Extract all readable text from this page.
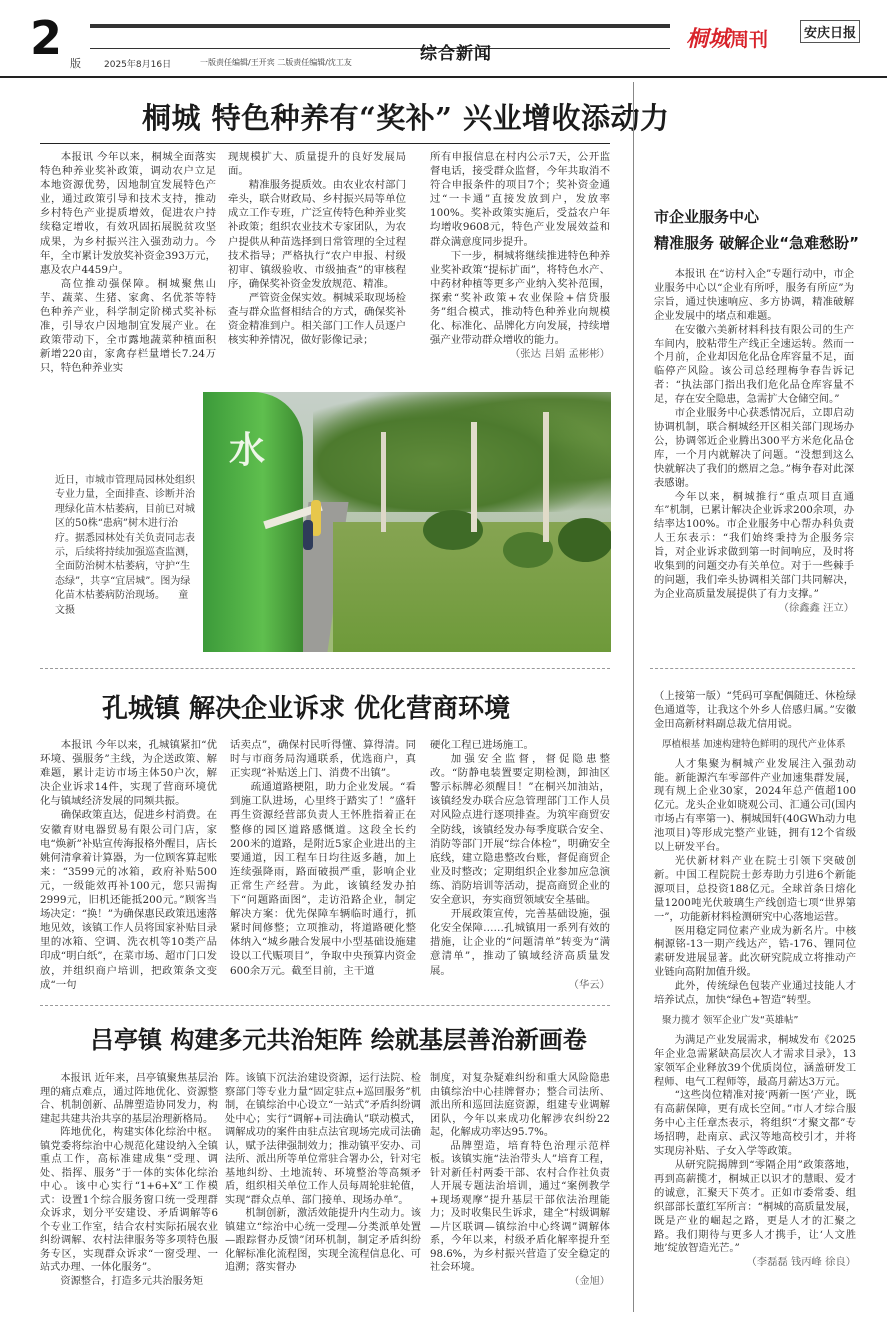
2 版	2025年8月16日	一版责任编辑/王开宾 二版责任编辑/沈工友	综合新闻
桐城周刊	安庆日报
桐城 特色种养有“奖补” 兴业增收添动力

本报讯 今年以来，桐城全面落实特色种养业奖补政策，调动农户立足本地资源优势，因地制宜发展特色产业，通过政策引导和技术支持，推动乡村特色产业提质增效，促进农户持续稳定增收，有效巩固拓展脱贫攻坚成果，为乡村振兴注入强劲动力。今年，全市累计发放奖补资金393万元，惠及农户4459户。

高位推动强保障。桐城聚焦山芋、蔬菜、生猪、家禽、名优茶等特色种养产业，科学制定阶梯式奖补标准，引导农户因地制宜发展产业。在政策带动下，全市露地蔬菜种植面积新增220亩，家禽存栏量增长7.24万只，特色种养业实

现规模扩大、质量提升的良好发展局面。

精准服务提质效。由农业农村部门牵头，联合财政局、乡村振兴局等单位成立工作专班，广泛宣传特色种养业奖补政策；组织农业技术专家团队，为农户提供从种苗选择到日常管理的全过程技术指导；严格执行“农户申报、村级初审、镇级验收、市级抽查”的审核程序，确保奖补资金发放规范、精准。

严管资金保实效。桐城采取现场检查与群众监督相结合的方式，确保奖补资金精准到户。相关部门工作人员逐户核实种养情况，做好影像记录；

所有申报信息在村内公示7天，公开监督电话，接受群众监督，今年共取消不符合申报条件的项目7个；奖补资金通过“一卡通”直接发放到户，发放率100%。奖补政策实施后，受益农户年均增收9608元，特色产业发展效益和群众满意度同步提升。

下一步，桐城将继续推进特色种养业奖补政策“提标扩面”，将特色水产、中药材种植等更多产业纳入奖补范围，探索“奖补政策+农业保险+信贷服务”组合模式，推动特色种养业向规模化、标准化、品牌化方向发展，持续增强产业带动群众增收的能力。

（张达 吕娟 孟彬彬）

近日，市城市管理局园林处组织专业力量，全面排查、诊断并治理绿化苗木枯萎病，目前已对城区的50株“患病”树木进行治疗。据悉园林处有关负责同志表示，后续将持续加强巡查监测，全面防治树木枯萎病，守护“生态绿”，共享“宜居城”。图为绿化苗木枯萎病防治现场。 童文摄
水
市企业服务中心
精准服务 破解企业“急难愁盼”

本报讯 在“访村入企”专题行动中，市企业服务中心以“企业有所呼，服务有所应”为宗旨，通过快速响应、多方协调，精准破解企业发展中的堵点和难题。

在安徽六美新材料科技有限公司的生产车间内，胶粘带生产线正全速运转。然而一个月前，企业却因危化品仓库容量不足，面临停产风险。该公司总经理梅争春告诉记者：“执法部门指出我们危化品仓库容量不足，存在安全隐患，急需扩大仓储空间。”

市企业服务中心获悉情况后，立即启动协调机制，联合桐城经开区相关部门现场办公，协调邻近企业腾出300平方米危化品仓库，一个月内就解决了问题。“没想到这么快就解决了我们的燃眉之急。”梅争春对此深表感谢。

今年以来，桐城推行“重点项目直通车”机制，已累计解决企业诉求200余项，办结率达100%。市企业服务中心帮办科负责人王东表示：“我们始终秉持为企服务宗旨，对企业诉求做到第一时间响应，及时将收集到的问题交办有关单位。对于一些棘手的问题，我们牵头协调相关部门共同解决，为企业高质量发展提供了有力支撑。”

（徐鑫鑫 汪立）

孔城镇 解决企业诉求 优化营商环境

本报讯 今年以来，孔城镇紧扣“优环境、强服务”主线，为企送政策、解难题，累计走访市场主体50户次，解决企业诉求14件，实现了营商环境优化与镇域经济发展的同频共振。

确保政策直达，促进乡村消费。在安徽育财电器贸易有限公司门店，家电“焕新”补贴宣传海报格外醒目，店长姚何清拿着计算器，为一位顾客算起账来：“3599元的冰箱，政府补贴500元，一级能效再补100元，您只需掏2999元，旧机还能抵200元。”顾客当场决定：“换！”为确保惠民政策迅速落地见效，该镇工作人员将国家补贴目录里的冰箱、空调、洗衣机等10类产品印成“明白纸”，在菜市场、超市门口发放，并组织商户培训，把政策条文变成“一句

话卖点”，确保村民听得懂、算得清。同时与市商务局沟通联系，优选商户，真正实现“补贴送上门、消费不出镇”。

疏通道路梗阻，助力企业发展。“看到施工队进场，心里终于踏实了！”盛轩再生资源经营部负责人王怀胜指着正在整修的园区道路感慨道。这段全长约200米的道路，是附近5家企业进出的主要通道，因工程车日均往返多趟，加上连续强降雨，路面破损严重，影响企业正常生产经营。为此，该镇经发办拍下“问题路面图”，走访沿路企业，制定解决方案：优先保障车辆临时通行，抓紧时间修整；立项推动，将道路硬化整体纳入“城乡融合发展中小型基础设施建设以工代赈项目”，争取中央预算内资金600余万元。截至目前，主干道

硬化工程已进场施工。

加强安全监督，督促隐患整改。“防静电装置要定期检测，卸油区警示标牌必须醒目！”在桐兴加油站，该镇经发办联合应急管理部门工作人员对风险点进行逐项排查。为筑牢商贸安全防线，该镇经发办每季度联合安全、消防等部门开展“综合体检”，明确安全底线，建立隐患整改台账，督促商贸企业及时整改；定期组织企业参加应急演练、消防培训等活动，提高商贸企业的安全意识，夯实商贸领域安全基础。

开展政策宣传，完善基础设施，强化安全保障……孔城镇用一系列有效的措施，让企业的“问题清单”转变为“满意清单”，推动了镇域经济高质量发展。

（华云）

（上接第一版）“凭码可享配偶随迁、休检绿色通道等，让我这个外乡人倍感归属。”安徽金田高新材料副总裁尤信用说。

厚植根基 加速构建特色鲜明的现代产业体系

人才集聚为桐城产业发展注入强劲动能。新能源汽车零部件产业加速集群发展，现有规上企业30家，2024年总产值超100亿元。龙头企业如晓观公司、汇通公司(国内市场占有率第一)、桐城国轩(40GWh动力电池项目)等形成完整产业链，拥有12个省级以上研发平台。

光伏新材料产业在院士引领下突破创新。中国工程院院士彭寿助力引进6个新能源项目，总投资188亿元。全球首条日熔化量1200吨光伏玻璃生产线创造七项“世界第一”，功能新材料检测研究中心落地运营。

医用稳定同位素产业成为新名片。中核桐源铭-13一期产线达产，锆-176、锂同位素研发进展显著。此次研究院成立将推动产业链向高附加值升级。

此外，传统绿色包装产业通过技能人才培养试点，加快“绿色+智造”转型。

聚力揽才 领军企业广发“英雄帖”

为满足产业发展需求，桐城发布《2025年企业急需紧缺高层次人才需求目录》，13家领军企业释放39个优质岗位，涵盖研发工程师、电气工程师等，最高月薪达3万元。

“这些岗位精准对接‘两新一医’产业，既有高薪保障，更有成长空间。”市人才综合服务中心主任章杰表示，将组织“才聚文都”专场招聘，赴南京、武汉等地高校引才，并将实现房补贴、子女入学等政策。

从研究院揭牌到“零隔企用”政策落地，再到高薪揽才，桐城正以识才的慧眼、爱才的诚意，汇聚天下英才。正如市委常委、组织部部长董红军所言：“桐城的高质量发展，既是产业的崛起之路，更是人才的汇聚之路。我们期待与更多人才携手，让‘人文胜地’绽放智造光芒。”

（李磊磊 钱丙峰 徐良）

吕亭镇 构建多元共治矩阵 绘就基层善治新画卷

本报讯 近年来，吕亭镇聚焦基层治理的痛点难点，通过阵地优化、资源整合、机制创新、品牌塑造协同发力，构建起共建共治共享的基层治理新格局。

阵地优化，构建实体化综治中枢。镇党委将综治中心规范化建设纳入全镇重点工作，高标准建成集“受理、调处、指挥、服务”于一体的实体化综治中心。该中心实行“1+6+X”工作模式：设置1个综合服务窗口统一受理群众诉求，划分平安建设、矛盾调解等6个专业工作室，结合农村实际拓展农业纠纷调解、农村法律服务等多项特色服务专区，实现群众诉求“一窗受理、一站式办理、一体化服务”。

资源整合，打造多元共治服务矩

阵。该镇下沉法治建设资源，运行法院、检察部门等专业力量“固定驻点+巡回服务”机制，在镇综治中心设立“一站式”矛盾纠纷调处中心；实行“调解+司法确认”联动模式，调解成功的案件由驻点法官现场完成司法确认，赋予法律强制效力；推动镇平安办、司法所、派出所等单位常驻合署办公，针对宅基地纠纷、土地流转、环境整治等高频矛盾，组织相关单位工作人员每周轮驻轮值，实现“群众点单、部门接单、现场办单”。

机制创新，激活效能提升内生动力。该镇建立“综治中心统一受理—分类派单处置—跟踪督办反馈”闭环机制，制定矛盾纠纷化解标准化流程图，实现全流程信息化、可追溯；落实督办

制度，对复杂疑难纠纷和重大风险隐患由镇综治中心挂牌督办；整合司法所、派出所和巡回法庭资源，组建专业调解团队，今年以来成功化解涉农纠纷22起，化解成功率达95.7%。

品牌塑造，培育特色治理示范样板。该镇实施“法治带头人”培育工程，针对新任村两委干部、农村合作社负责人开展专题法治培训，通过“案例教学+现场观摩”提升基层干部依法治理能力；及时收集民生诉求，建全“村级调解—片区联调—镇综治中心终调”调解体系，今年以来，村级矛盾化解率提升至98.6%，为乡村振兴营造了安全稳定的社会环境。

（金旭）
